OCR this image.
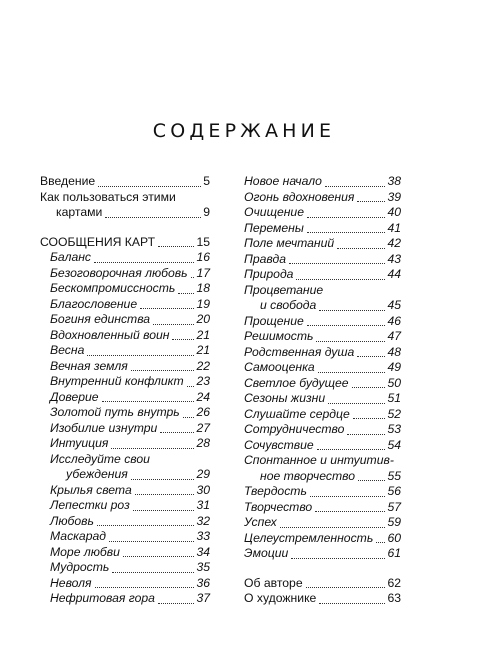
СОДЕРЖАНИЕ
Введение	5
Как пользоваться этими
картами	9
СООБЩЕНИЯ КАРТ	15
Баланс	16
Безоговорочная любовь 17
Бескомпромиссность 18
Благословение	19
Богиня единства	20
Вдохновленный воин 21
Весна	21
Вечная земля	22
Внутренний конфликт 23
Доверие	24
Золотой путь внутрь 26
Изобилие изнутри	27
Интуиция	28
Исследуйте свои
убеждения	29
Крылья света	30
Лепестки роз	31
Любовь	32
Маскарад	33
Море любви	34
Мудрость	35
Неволя	36
Нефритовая гора	37
Новое начало	38
Огонь вдохновения	39
Очищение	40
Перемены	41
Поле мечтаний	42
Правда	43
Природа	44
Процветание
и свобода	45
Прощение	46
Решимость	47
Родственная душа	48
Самооценка	49
Светлое будущее	50
Сезоны жизни	51
Слушайте сердце	52
Сотрудничество	53
Сочувствие	54
Спонтанное и интуитив-
ное творчество	55
Твердость	56
Творчество	57
Успех	59
Целеустремленность 60
Эмоции	61
Об авторе	62
О художнике	63
